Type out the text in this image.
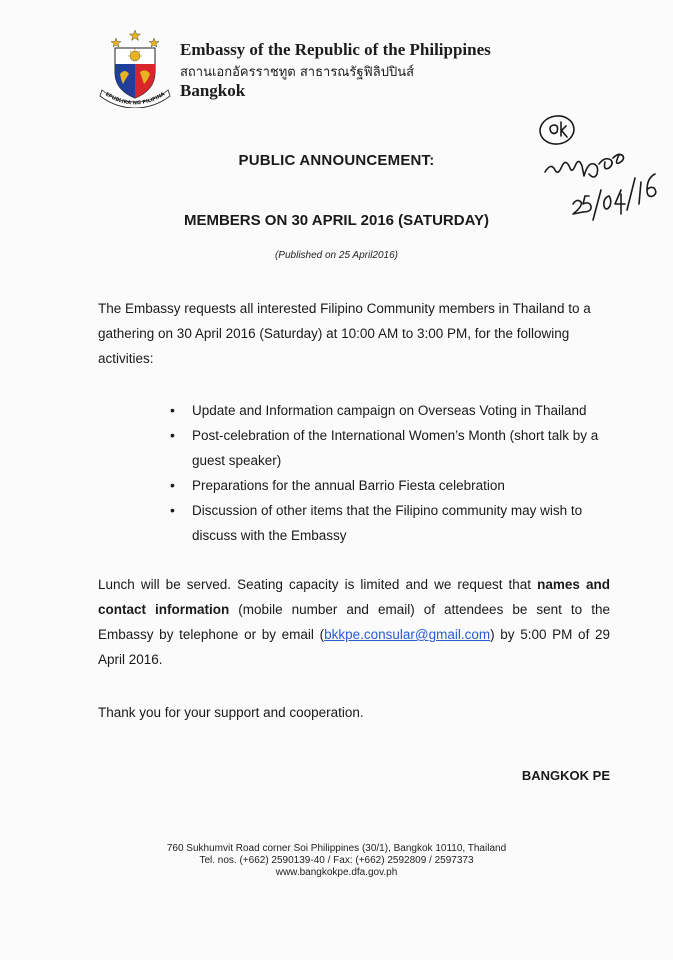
EPUBLIKA NG PILIPINA
Embassy of the Republic of the Philippines
สถานเอกอัครราชทูต สาธารณรัฐฟิลิปปินส์
Bangkok
PUBLIC ANNOUNCEMENT:
MEMBERS ON 30 APRIL 2016 (SATURDAY)
(Published on 25 April2016)
The Embassy requests all interested Filipino Community members in Thailand to a gathering on 30 April 2016 (Saturday) at 10:00 AM to 3:00 PM, for the following activities:
• Update and Information campaign on Overseas Voting in Thailand
• Post-celebration of the International Women’s Month (short talk by a guest speaker)
• Preparations for the annual Barrio Fiesta celebration
• Discussion of other items that the Filipino community may wish to discuss with the Embassy
Lunch will be served. Seating capacity is limited and we request that names and contact information (mobile number and email) of attendees be sent to the Embassy by telephone or by email (bkkpe.consular@gmail.com) by 5:00 PM of 29 April 2016.
Thank you for your support and cooperation.
BANGKOK PE
760 Sukhumvit Road corner Soi Philippines (30/1), Bangkok 10110, Thailand
Tel. nos. (+662) 2590139-40 / Fax: (+662) 2592809 / 2597373
www.bangkokpe.dfa.gov.ph
